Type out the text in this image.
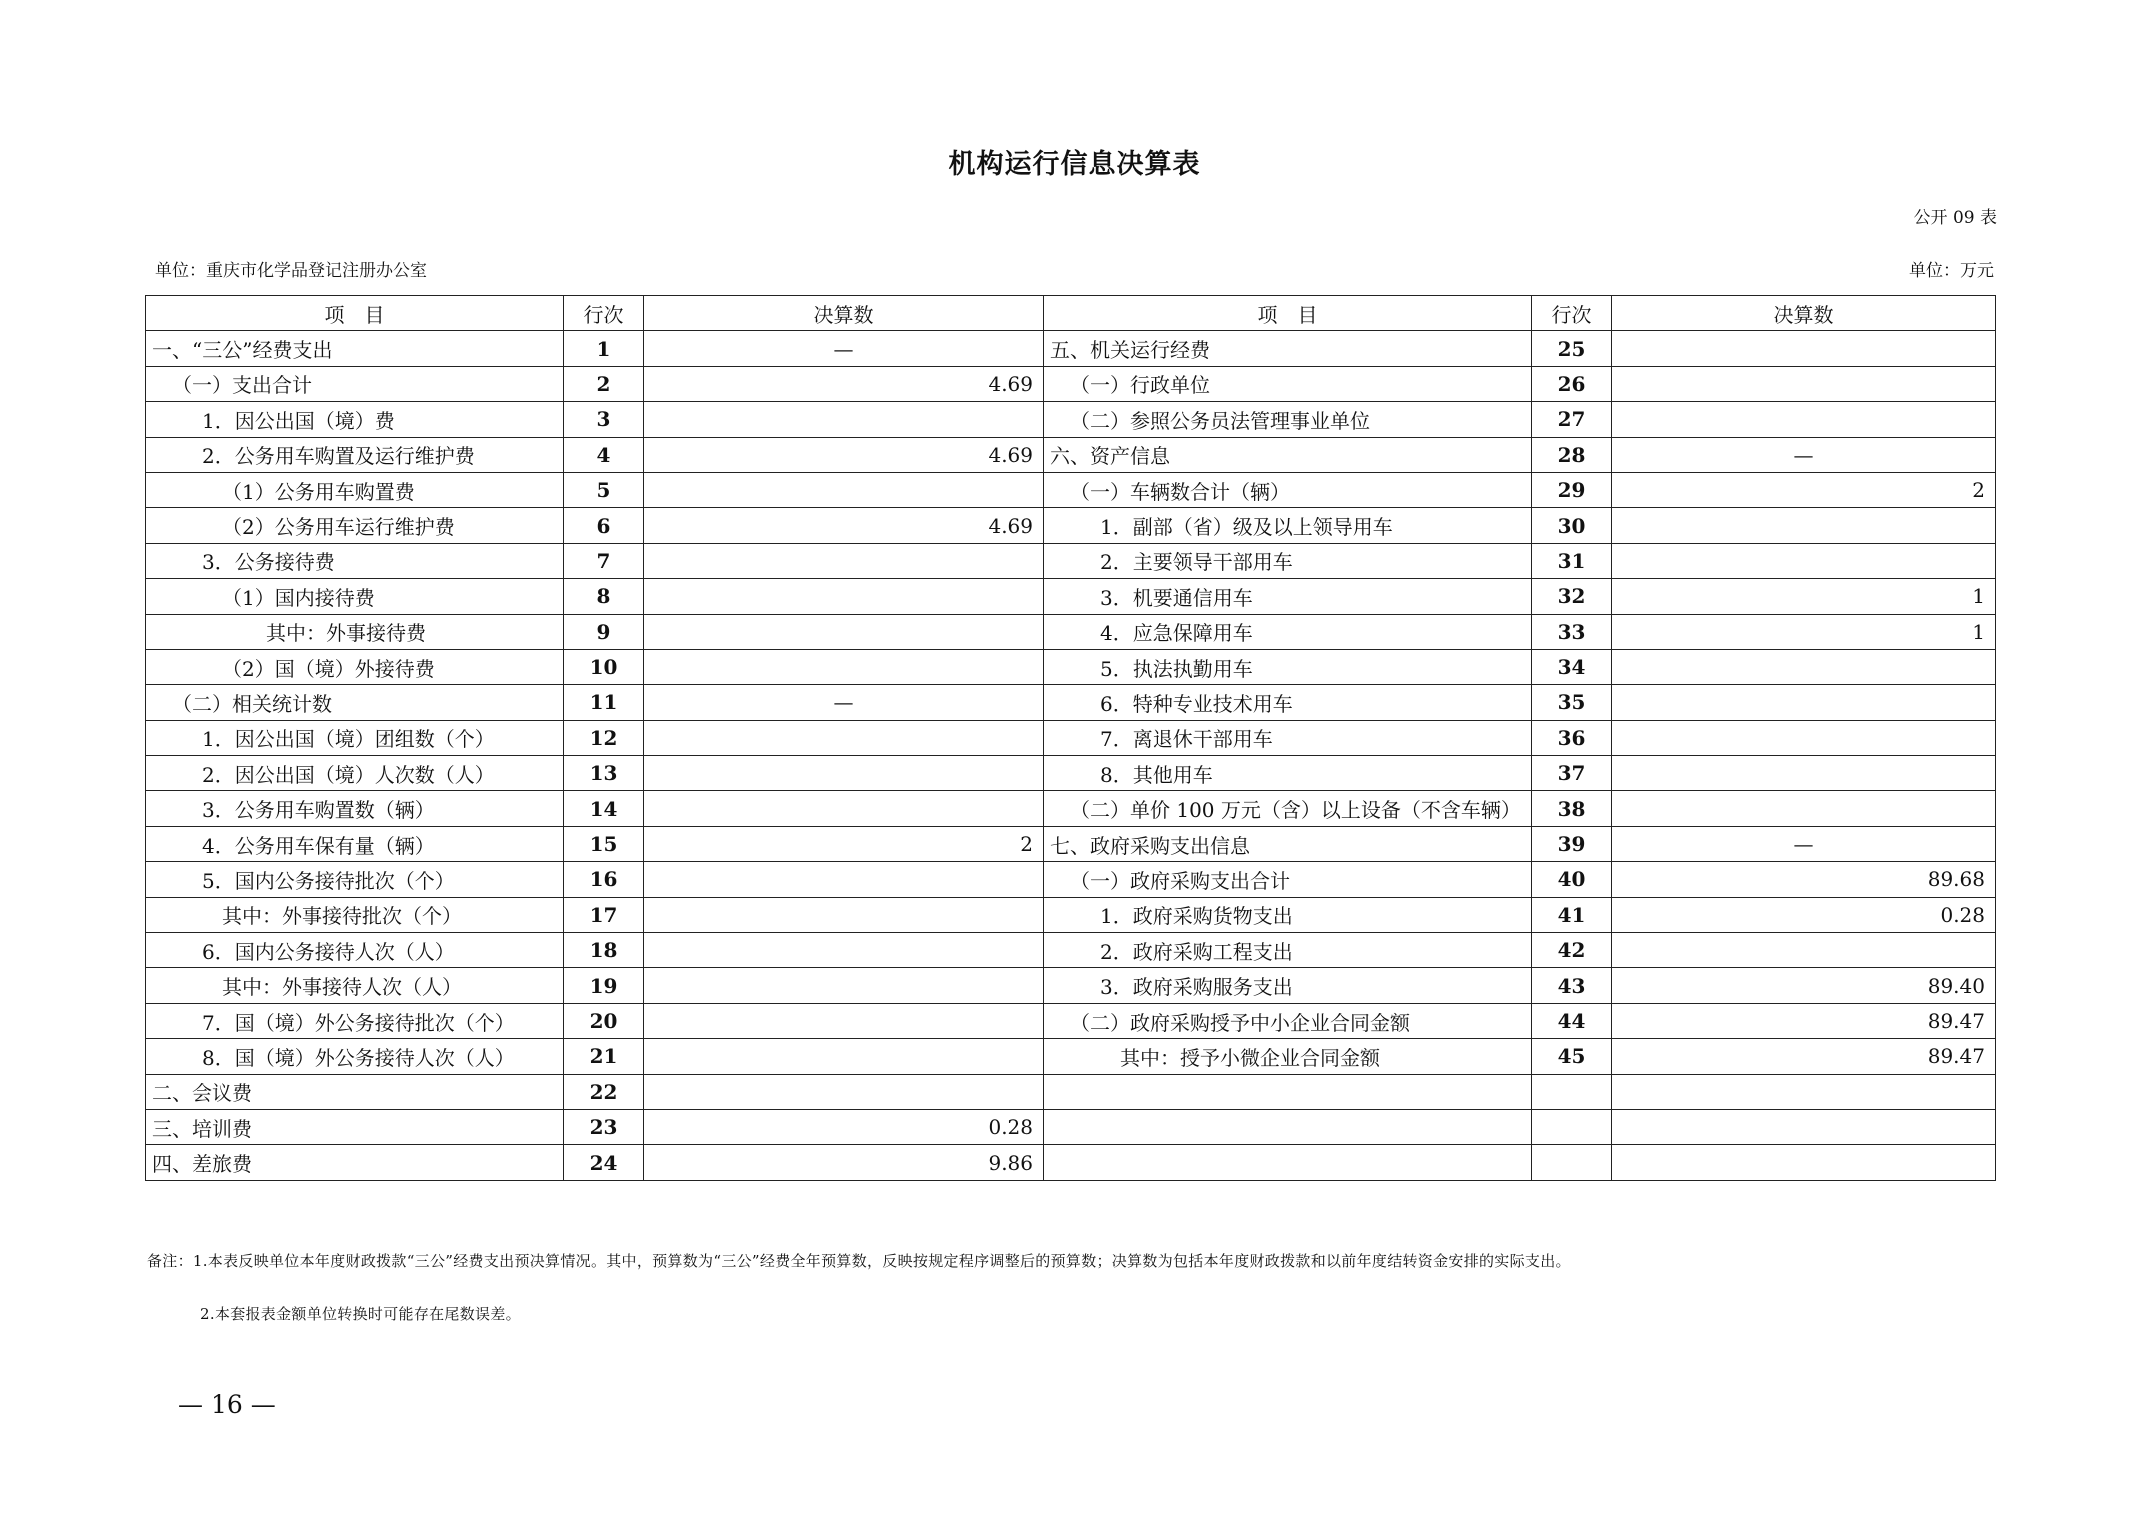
机构运行信息决算表
公开 09 表
单位：重庆市化学品登记注册办公室	单位：万元
项　目	行次	决算数	项　目	行次	决算数
一、“三公”经费支出	1	—	五、机关运行经费	25	
（一）支出合计	2	4.69	（一）行政单位	26	
1．因公出国（境）费	3		（二）参照公务员法管理事业单位	27	
2．公务用车购置及运行维护费	4	4.69	六、资产信息	28	—
（1）公务用车购置费	5		（一）车辆数合计（辆）	29	2
（2）公务用车运行维护费	6	4.69	1．副部（省）级及以上领导用车	30	
3．公务接待费	7		2．主要领导干部用车	31	
（1）国内接待费	8		3．机要通信用车	32	1
其中：外事接待费	9		4．应急保障用车	33	1
（2）国（境）外接待费	10		5．执法执勤用车	34	
（二）相关统计数	11	—	6．特种专业技术用车	35	
1．因公出国（境）团组数（个）	12		7．离退休干部用车	36	
2．因公出国（境）人次数（人）	13		8．其他用车	37	
3．公务用车购置数（辆）	14		（二）单价 100 万元（含）以上设备（不含车辆）	38	
4．公务用车保有量（辆）	15	2	七、政府采购支出信息	39	—
5．国内公务接待批次（个）	16		（一）政府采购支出合计	40	89.68
其中：外事接待批次（个）	17		1．政府采购货物支出	41	0.28
6．国内公务接待人次（人）	18		2．政府采购工程支出	42	
其中：外事接待人次（人）	19		3．政府采购服务支出	43	89.40
7．国（境）外公务接待批次（个）	20		（二）政府采购授予中小企业合同金额	44	89.47
8．国（境）外公务接待人次（人）	21		其中：授予小微企业合同金额	45	89.47
二、会议费	22				
三、培训费	23	0.28			
四、差旅费	24	9.86			
备注：1.本表反映单位本年度财政拨款“三公”经费支出预决算情况。其中，预算数为“三公”经费全年预算数，反映按规定程序调整后的预算数；决算数为包括本年度财政拨款和以前年度结转资金安排的实际支出。
2.本套报表金额单位转换时可能存在尾数误差。
— 16 —
